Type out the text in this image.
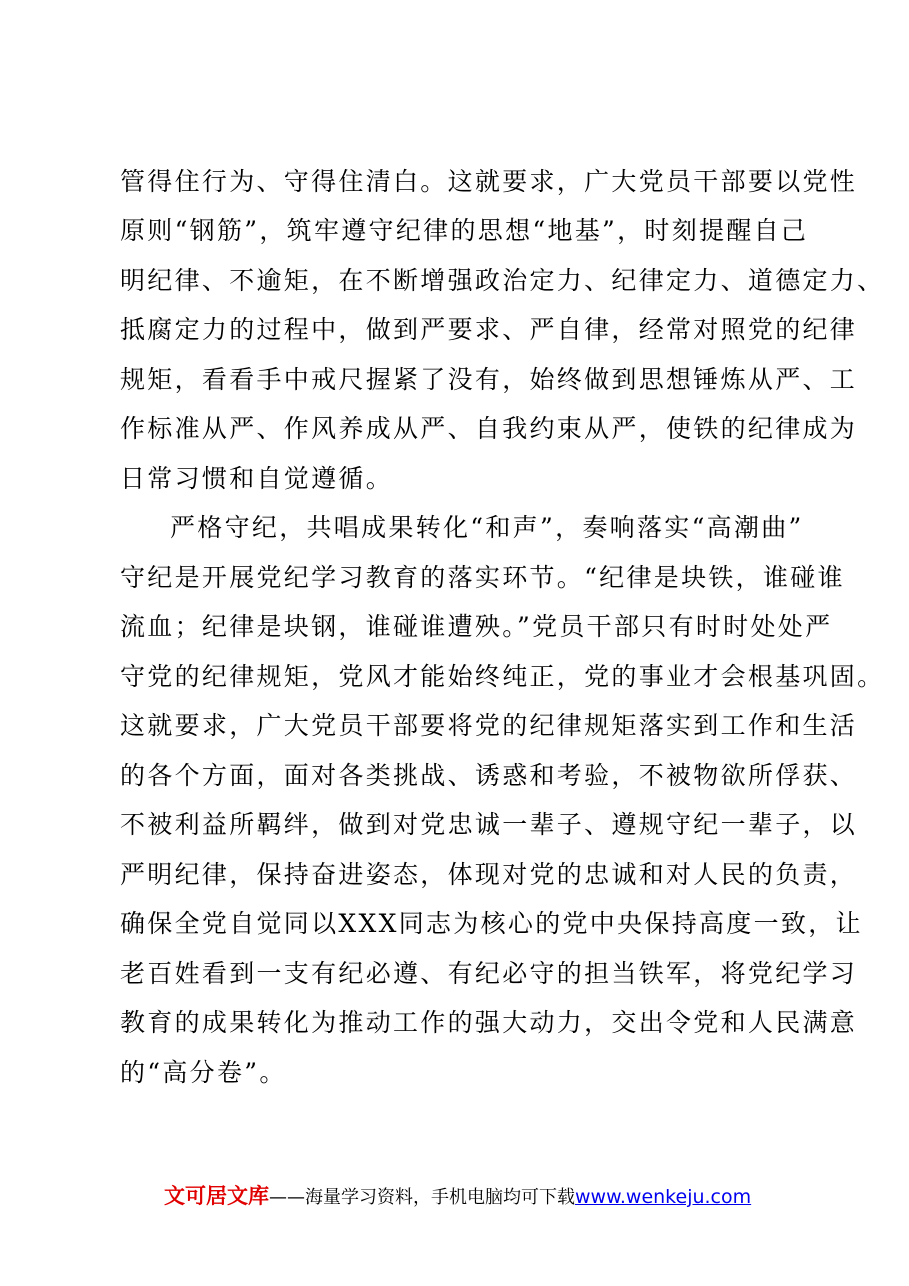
管得住行为、守得住清白。这就要求，广大党员干部要以党性
原则“钢筋”，筑牢遵守纪律的思想“地基”，时刻提醒自己
明纪律、不逾矩，在不断增强政治定力、纪律定力、道德定力、
抵腐定力的过程中，做到严要求、严自律，经常对照党的纪律
规矩，看看手中戒尺握紧了没有，始终做到思想锤炼从严、工
作标准从严、作风养成从严、自我约束从严，使铁的纪律成为
日常习惯和自觉遵循。
严格守纪，共唱成果转化“和声”，奏响落实“高潮曲”
守纪是开展党纪学习教育的落实环节。“纪律是块铁，谁碰谁
流血；纪律是块钢，谁碰谁遭殃。”党员干部只有时时处处严
守党的纪律规矩，党风才能始终纯正，党的事业才会根基巩固。
这就要求，广大党员干部要将党的纪律规矩落实到工作和生活
的各个方面，面对各类挑战、诱惑和考验，不被物欲所俘获、
不被利益所羁绊，做到对党忠诚一辈子、遵规守纪一辈子，以
严明纪律，保持奋进姿态，体现对党的忠诚和对人民的负责，
确保全党自觉同以XXX同志为核心的党中央保持高度一致，让
老百姓看到一支有纪必遵、有纪必守的担当铁军，将党纪学习
教育的成果转化为推动工作的强大动力，交出令党和人民满意
的“高分卷”。
文可居文库——海量学习资料，手机电脑均可下载www.wenkeju.com
